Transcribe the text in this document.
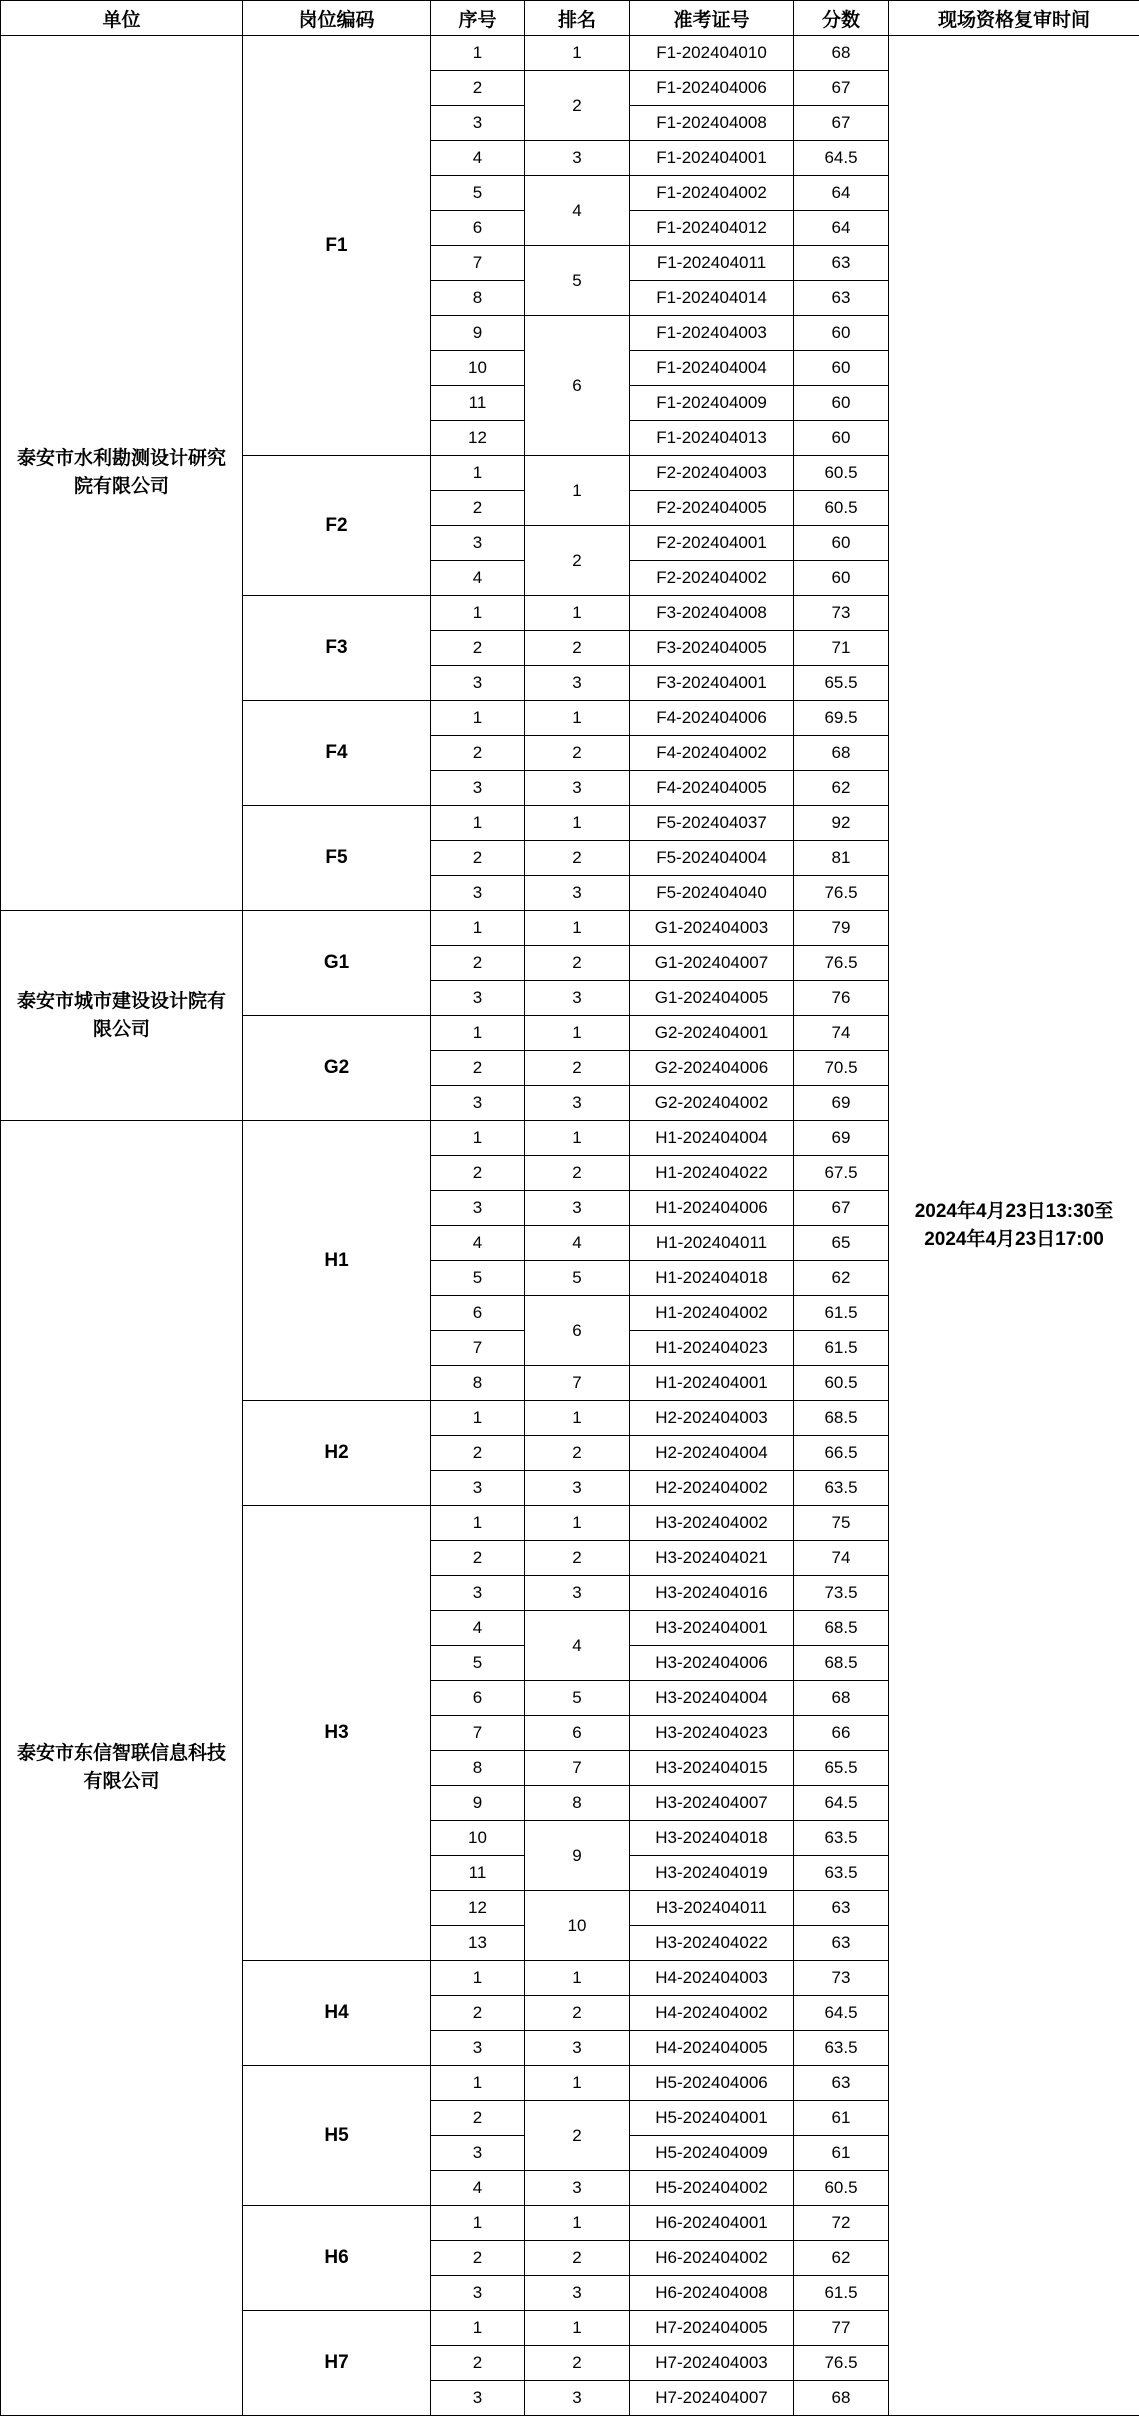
单位	岗位编码	序号	排名	准考证号	分数	现场资格复审时间
泰安市水利勘测设计研究院有限公司	F1	1	1	F1-202404010	68	2024年4月23日13:30至
2024年4月23日17:00

		2	2	F1-202404006	67	
		3		F1-202404008	67	
		4	3	F1-202404001	64.5	
		5	4	F1-202404002	64	
		6		F1-202404012	64	
		7	5	F1-202404011	63	
		8		F1-202404014	63	
		9	6	F1-202404003	60	
		10		F1-202404004	60	
		11		F1-202404009	60	
		12		F1-202404013	60	
	F2	1	1	F2-202404003	60.5	
		2		F2-202404005	60.5	
		3	2	F2-202404001	60	
		4		F2-202404002	60	
	F3	1	1	F3-202404008	73	
		2	2	F3-202404005	71	
		3	3	F3-202404001	65.5	
	F4	1	1	F4-202404006	69.5	
		2	2	F4-202404002	68	
		3	3	F4-202404005	62	
	F5	1	1	F5-202404037	92	
		2	2	F5-202404004	81	
		3	3	F5-202404040	76.5	
泰安市城市建设设计院有限公司	G1	1	1	G1-202404003	79	
		2	2	G1-202404007	76.5	
		3	3	G1-202404005	76	
	G2	1	1	G2-202404001	74	
		2	2	G2-202404006	70.5	
		3	3	G2-202404002	69	
泰安市东信智联信息科技有限公司	H1	1	1	H1-202404004	69	
		2	2	H1-202404022	67.5	
		3	3	H1-202404006	67	
		4	4	H1-202404011	65	
		5	5	H1-202404018	62	
		6	6	H1-202404002	61.5	
		7		H1-202404023	61.5	
		8	7	H1-202404001	60.5	
	H2	1	1	H2-202404003	68.5	
		2	2	H2-202404004	66.5	
		3	3	H2-202404002	63.5	
	H3	1	1	H3-202404002	75	
		2	2	H3-202404021	74	
		3	3	H3-202404016	73.5	
		4	4	H3-202404001	68.5	
		5		H3-202404006	68.5	
		6	5	H3-202404004	68	
		7	6	H3-202404023	66	
		8	7	H3-202404015	65.5	
		9	8	H3-202404007	64.5	
		10	9	H3-202404018	63.5	
		11		H3-202404019	63.5	
		12	10	H3-202404011	63	
		13		H3-202404022	63	
	H4	1	1	H4-202404003	73	
		2	2	H4-202404002	64.5	
		3	3	H4-202404005	63.5	
	H5	1	1	H5-202404006	63	
		2	2	H5-202404001	61	
		3		H5-202404009	61	
		4	3	H5-202404002	60.5	
	H6	1	1	H6-202404001	72	
		2	2	H6-202404002	62	
		3	3	H6-202404008	61.5	
	H7	1	1	H7-202404005	77	
		2	2	H7-202404003	76.5	
		3	3	H7-202404007	68	
